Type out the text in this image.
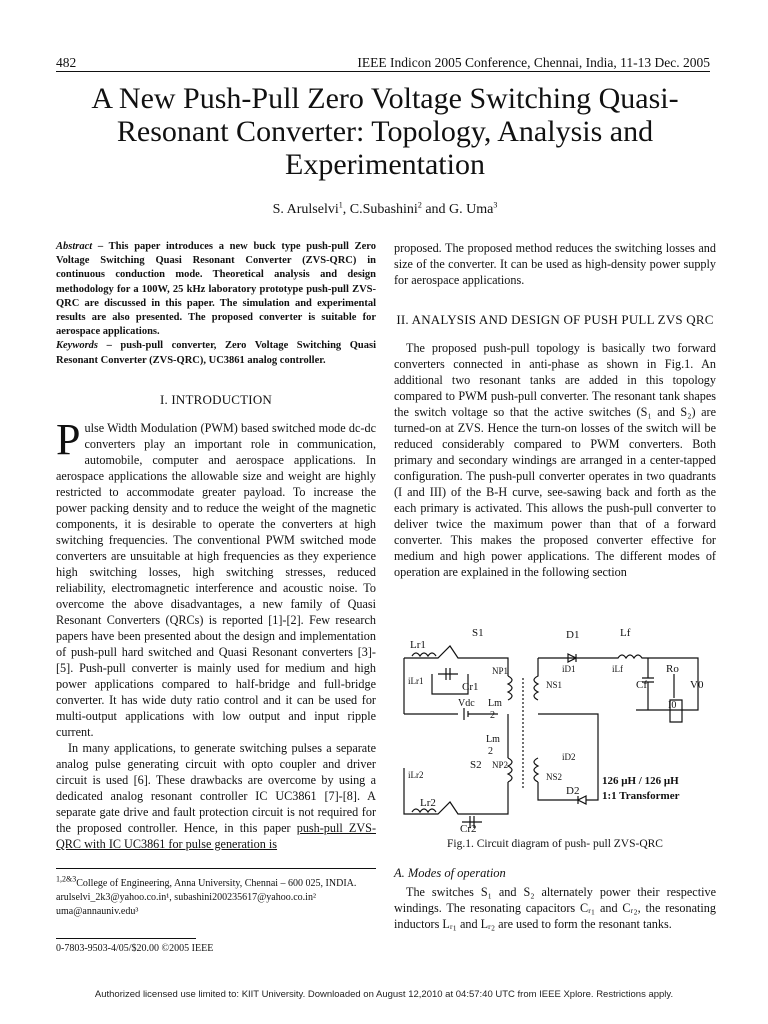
482	IEEE Indicon 2005 Conference, Chennai, India, 11-13 Dec. 2005
A New Push-Pull Zero Voltage Switching Quasi-Resonant Converter: Topology, Analysis and Experimentation
S. Arulselvi$^1$, C.Subashini$^2$ and G. Uma$^3$
Abstract – This paper introduces a new buck type push-pull Zero Voltage Switching Quasi Resonant Converter (ZVS-QRC) in continuous conduction mode. Theoretical analysis and design methodology for a 100W, 25 kHz laboratory prototype push-pull ZVS-QRC are discussed in this paper. The simulation and experimental results are also presented. The proposed converter is suitable for aerospace applications.
Keywords – push-pull converter, Zero Voltage Switching Quasi Resonant Converter (ZVS-QRC), UC3861 analog controller.
I. INTRODUCTION

Pulse Width Modulation (PWM) based switched mode dc-dc converters play an important role in communication, automobile, computer and aerospace applications. In aerospace applications the allowable size and weight are highly restricted to accommodate greater payload. To increase the power packing density and to reduce the weight of the magnetic components, it is desirable to operate the converters at high switching frequencies. The conventional PWM switched mode converters are unsuitable at high frequencies as they experience high switching losses, high switching stresses, reduced reliability, electromagnetic interference and acoustic noise. To overcome the above disadvantages, a new family of Quasi Resonant Converters (QRCs) is reported [1]-[2]. Few research papers have been presented about the design and implementation of push-pull hard switched and Quasi Resonant converters [3]-[5]. Push-pull converter is mainly used for medium and high power applications compared to half-bridge and full-bridge converter. It has wide duty ratio control and it can be used for multi-output applications with low output and input ripple current.

In many applications, to generate switching pulses a separate analog pulse generating circuit with opto coupler and driver circuit is used [6]. These drawbacks are overcome by using a dedicated analog resonant controller IC UC3861 [7]-[8]. A separate gate drive and fault protection circuit is not required for the proposed controller. Hence, in this paper push-pull ZVS-QRC with IC UC3861 for pulse generation is

$^{1,2\&3}$College of Engineering, Anna University, Chennai – 600 025, INDIA.
arulselvi_2k3@yahoo.co.in¹, subashini200235617@yahoo.co.in²
uma@annauniv.edu³
0-7803-9503-4/05/$20.00 ©2005 IEEE

proposed. The proposed method reduces the switching losses and size of the converter. It can be used as high-density power supply for aerospace applications.

II. ANALYSIS AND DESIGN OF PUSH PULL ZVS QRC

The proposed push-pull topology is basically two forward converters connected in anti-phase as shown in Fig.1. An additional two resonant tanks are added in this topology compared to PWM push-pull converter. The resonant tank shapes the switch voltage so that the active switches (S₁ and S₂) are turned-on at ZVS. Hence the turn-on losses of the switch will be reduced considerably compared to PWM converters. Both primary and secondary windings are arranged in a center-tapped configuration. The push-pull converter operates in two quadrants (I and III) of the B-H curve, see-sawing back and forth as the each primary is activated. This allows the push-pull converter to deliver twice the maximum power than that of a forward converter. This makes the proposed converter effective for medium and high power applications. The different modes of operation are explained in the following section

S1	D1	Lf
Lr1
iLr1	Cr1
NP1
NS1
iD1	iLf	Ro
Cf	V0
I0
Vdc Lm
2
Lm
2
S2 NP2
NS2
iD2
D2
iLr2
Lr2
Cr2
126 μH / 126 μH
1:1 Transformer
Fig.1. Circuit diagram of push- pull ZVS-QRC
A. Modes of operation

The switches S₁ and S₂ alternately power their respective windings. The resonating capacitors Cᵣ₁ and Cᵣ₂, the resonating inductors Lᵣ₁ and Lᵣ₂ are used to form the resonant tanks.

Authorized licensed use limited to: KIIT University. Downloaded on August 12,2010 at 04:57:40 UTC from IEEE Xplore. Restrictions apply.
